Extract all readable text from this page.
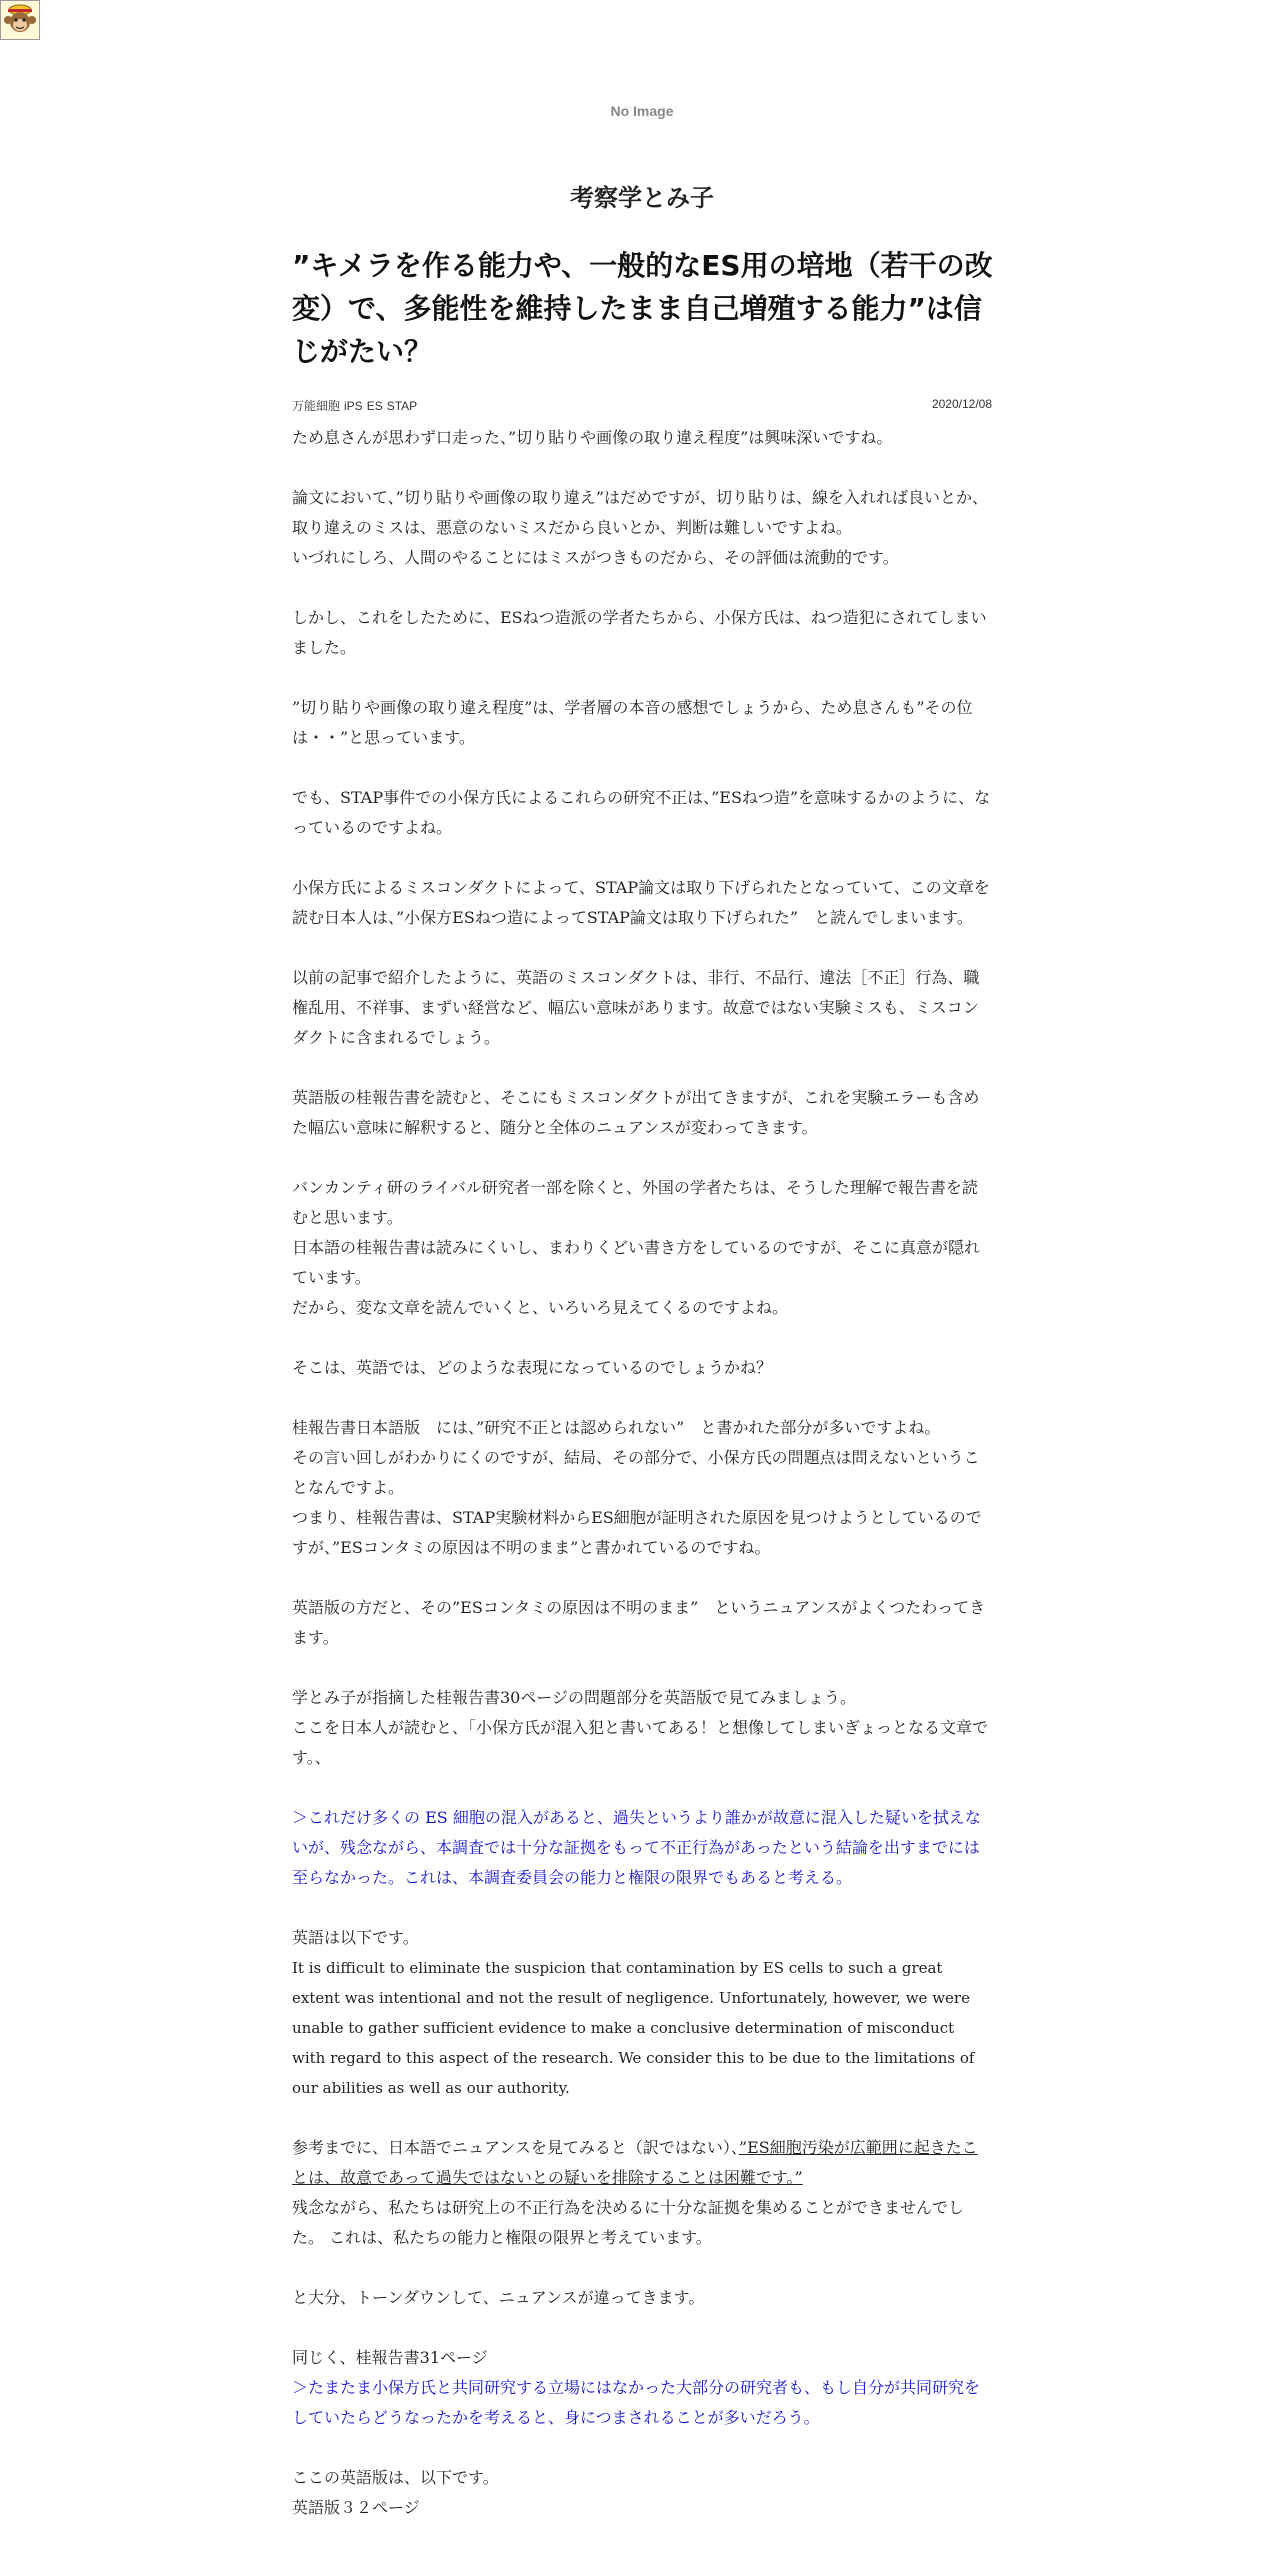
No Image
考察学とみ子
”キメラを作る能力や、一般的なES用の培地（若干の改変）で、多能性を維持したまま自己増殖する能力”は信じがたい？
万能細胞 iPS ES STAP	2020/12/08

ため息さんが思わず口走った、”切り貼りや画像の取り違え程度”は興味深いですね。

論文において、”切り貼りや画像の取り違え”はだめですが、切り貼りは、線を入れれば良いとか、取り違えのミスは、悪意のないミスだから良いとか、判断は難しいですよね。

いづれにしろ、人間のやることにはミスがつきものだから、その評価は流動的です。

しかし、これをしたために、ESねつ造派の学者たちから、小保方氏は、ねつ造犯にされてしまいました。

”切り貼りや画像の取り違え程度”は、学者層の本音の感想でしょうから、ため息さんも”その位は・・”と思っています。

でも、STAP事件での小保方氏によるこれらの研究不正は、”ESねつ造”を意味するかのように、なっているのですよね。

小保方氏によるミスコンダクトによって、STAP論文は取り下げられたとなっていて、この文章を読む日本人は、”小保方ESねつ造によってSTAP論文は取り下げられた”　と読んでしまいます。

以前の記事で紹介したように、英語のミスコンダクトは、非行、不品行、違法［不正］行為、職権乱用、不祥事、まずい経営など、幅広い意味があります。故意ではない実験ミスも、ミスコンダクトに含まれるでしょう。

英語版の桂報告書を読むと、そこにもミスコンダクトが出てきますが、これを実験エラーも含めた幅広い意味に解釈すると、随分と全体のニュアンスが変わってきます。

バンカンティ研のライバル研究者一部を除くと、外国の学者たちは、そうした理解で報告書を読むと思います。

日本語の桂報告書は読みにくいし、まわりくどい書き方をしているのですが、そこに真意が隠れています。

だから、変な文章を読んでいくと、いろいろ見えてくるのですよね。

そこは、英語では、どのような表現になっているのでしょうかね？

桂報告書日本語版　には、”研究不正とは認められない”　と書かれた部分が多いですよね。

その言い回しがわかりにくのですが、結局、その部分で、小保方氏の問題点は問えないということなんですよ。

つまり、桂報告書は、STAP実験材料からES細胞が証明された原因を見つけようとしているのですが、”ESコンタミの原因は不明のまま”と書かれているのですね。

英語版の方だと、その”ESコンタミの原因は不明のまま”　というニュアンスがよくつたわってきます。

学とみ子が指摘した桂報告書30ページの問題部分を英語版で見てみましょう。

ここを日本人が読むと、「小保方氏が混入犯と書いてある！と想像してしまいぎょっとなる文章です。、

＞これだけ多くの ES 細胞の混入があると、過失というより誰かが故意に混入した疑いを拭えないが、残念ながら、本調査では十分な証拠をもって不正行為があったという結論を出すまでには至らなかった。これは、本調査委員会の能力と権限の限界でもあると考える。

英語は以下です。

It is difficult to eliminate the suspicion that contamination by ES cells to such a great extent was intentional and not the result of negligence. Unfortunately, however, we were unable to gather sufficient evidence to make a conclusive determination of misconduct with regard to this aspect of the research. We consider this to be due to the limitations of our abilities as well as our authority.

参考までに、日本語でニュアンスを見てみると（訳ではない）、”ES細胞汚染が広範囲に起きたことは、故意であって過失ではないとの疑いを排除することは困難です。”

残念ながら、私たちは研究上の不正行為を決めるに十分な証拠を集めることができませんでした。 これは、私たちの能力と権限の限界と考えています。

と大分、トーンダウンして、ニュアンスが違ってきます。

同じく、桂報告書31ページ

＞たまたま小保方氏と共同研究する立場にはなかった大部分の研究者も、もし自分が共同研究をしていたらどうなったかを考えると、身につまされることが多いだろう。

ここの英語版は、以下です。

英語版３２ページ
